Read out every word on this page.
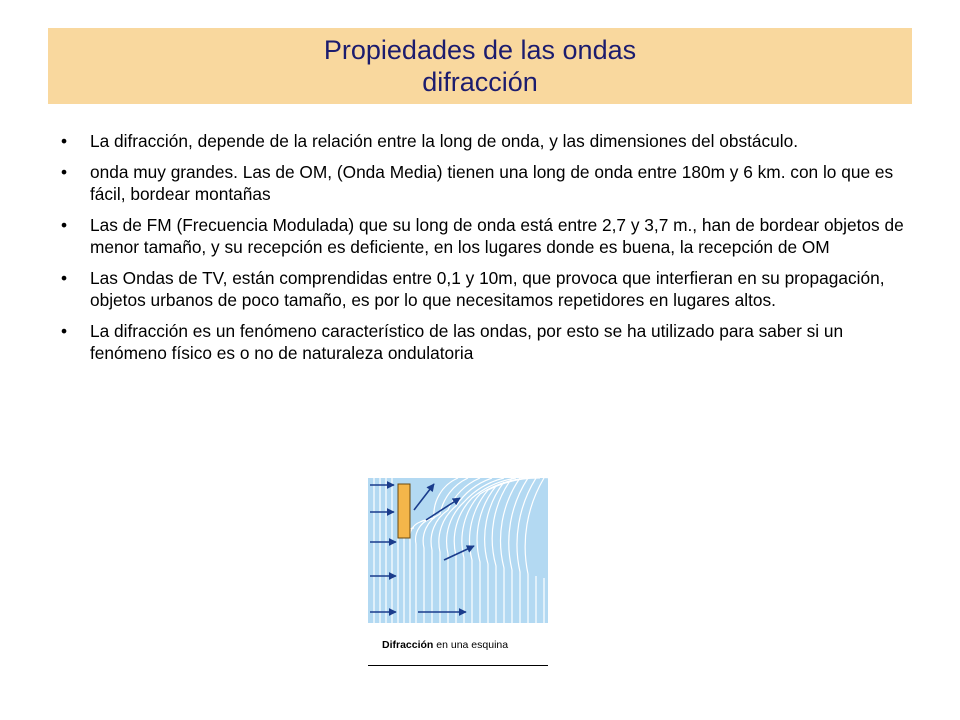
Propiedades de las ondas
difracción
• La difracción, depende de la relación entre la long de onda, y las dimensiones del obstáculo.
• onda muy grandes. Las de OM, (Onda Media) tienen una long de onda entre 180m y 6 km. con lo que es fácil, bordear montañas
• Las de FM (Frecuencia Modulada) que su long de onda está entre 2,7 y 3,7 m., han de bordear objetos de menor tamaño, y su recepción es deficiente, en los lugares donde es buena, la recepción de OM
• Las Ondas de TV, están comprendidas entre 0,1 y 10m, que provoca que interfieran en su propagación, objetos urbanos de poco tamaño, es por lo que necesitamos repetidores en lugares altos.
• La difracción es un fenómeno característico de las ondas, por esto se ha utilizado para saber si un fenómeno físico es o no de naturaleza ondulatoria
Difracción en una esquina
